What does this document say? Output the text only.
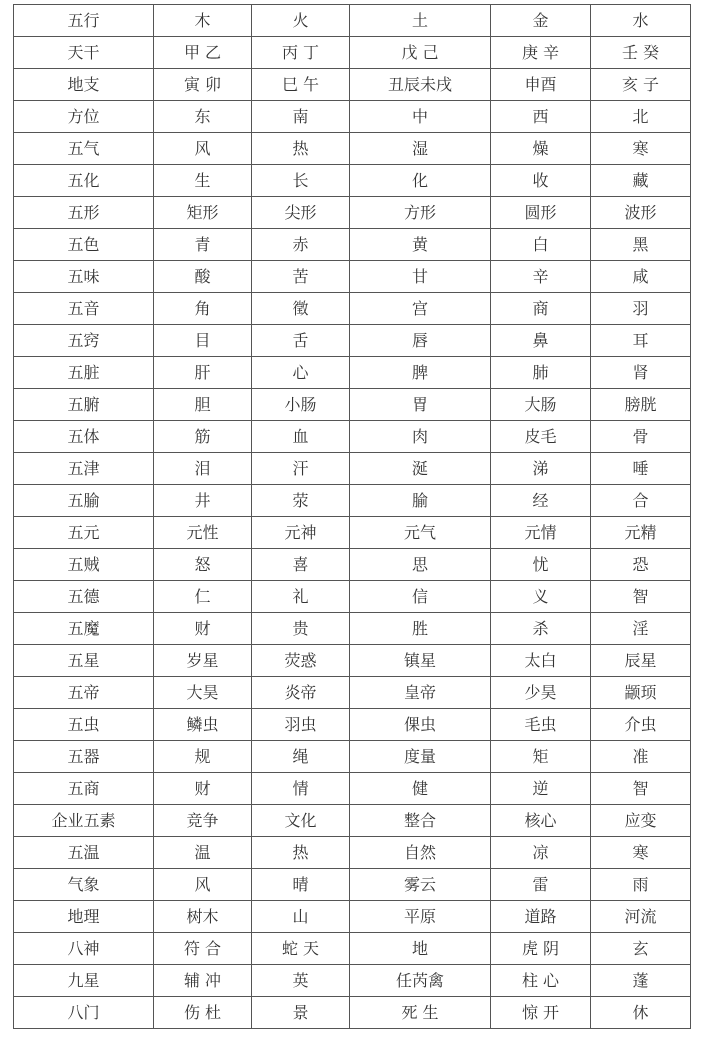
五行	木	火	土	金	水
天干	甲 乙	丙 丁	戊 己	庚 辛	壬 癸
地支	寅 卯	巳 午	丑辰未戌	申酉	亥 子
方位	东	南	中	西	北
五气	风	热	湿	燥	寒
五化	生	长	化	收	藏
五形	矩形	尖形	方形	圆形	波形
五色	青	赤	黄	白	黑
五味	酸	苦	甘	辛	咸
五音	角	徵	宫	商	羽
五窍	目	舌	唇	鼻	耳
五脏	肝	心	脾	肺	肾
五腑	胆	小肠	胃	大肠	膀胱
五体	筋	血	肉	皮毛	骨
五津	泪	汗	涎	涕	唾
五腧	井	荥	腧	经	合
五元	元性	元神	元气	元情	元精
五贼	怒	喜	思	忧	恐
五德	仁	礼	信	义	智
五魔	财	贵	胜	杀	淫
五星	岁星	荧惑	镇星	太白	辰星
五帝	大昊	炎帝	皇帝	少昊	颛顼
五虫	鳞虫	羽虫	倮虫	毛虫	介虫
五器	规	绳	度量	矩	准
五商	财	情	健	逆	智
企业五素	竞争	文化	整合	核心	应变
五温	温	热	自然	凉	寒
气象	风	晴	雾云	雷	雨
地理	树木	山	平原	道路	河流
八神	符 合	蛇 天	地	虎 阴	玄
九星	辅 冲	英	任芮禽	柱 心	蓬
八门	伤 杜	景	死 生	惊 开	休
